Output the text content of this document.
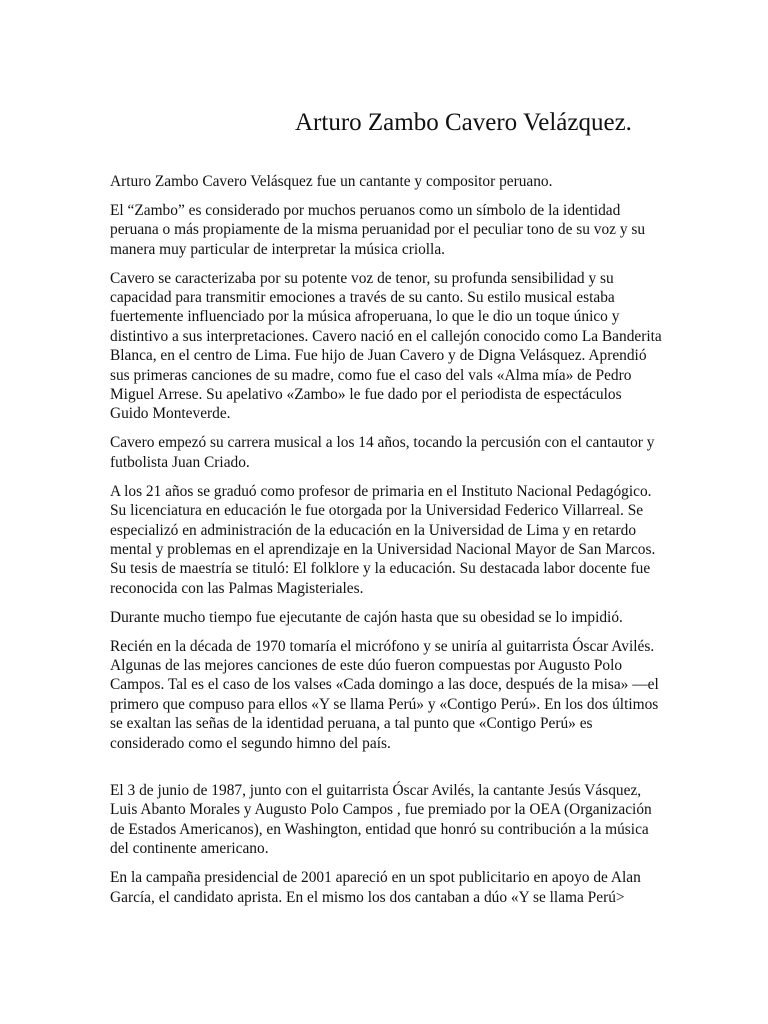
Arturo Zambo Cavero Velázquez.

Arturo Zambo Cavero Velásquez fue un cantante y compositor peruano.

El “Zambo” es considerado por muchos peruanos como un símbolo de la identidad peruana o más propiamente de la misma peruanidad por el peculiar tono de su voz y su manera muy particular de interpretar la música criolla.

Cavero se caracterizaba por su potente voz de tenor, su profunda sensibilidad y su capacidad para transmitir emociones a través de su canto. Su estilo musical estaba fuertemente influenciado por la música afroperuana, lo que le dio un toque único y distintivo a sus interpretaciones. Cavero nació en el callejón conocido como La Banderita Blanca, en el centro de Lima. Fue hijo de Juan Cavero y de Digna Velásquez. Aprendió sus primeras canciones de su madre, como fue el caso del vals «Alma mía» de Pedro Miguel Arrese. Su apelativo «Zambo» le fue dado por el periodista de espectáculos Guido Monteverde.

Cavero empezó su carrera musical a los 14 años, tocando la percusión con el cantautor y futbolista Juan Criado.

A los 21 años se graduó como profesor de primaria en el Instituto Nacional Pedagógico. Su licenciatura en educación le fue otorgada por la Universidad Federico Villarreal. Se especializó en administración de la educación en la Universidad de Lima y en retardo mental y problemas en el aprendizaje en la Universidad Nacional Mayor de San Marcos. Su tesis de maestría se tituló: El folklore y la educación. Su destacada labor docente fue reconocida con las Palmas Magisteriales.

Durante mucho tiempo fue ejecutante de cajón hasta que su obesidad se lo impidió.

Recién en la década de 1970 tomaría el micrófono y se uniría al guitarrista Óscar Avilés. Algunas de las mejores canciones de este dúo fueron compuestas por Augusto Polo Campos. Tal es el caso de los valses «Cada domingo a las doce, después de la misa» —el primero que compuso para ellos «Y se llama Perú» y «Contigo Perú». En los dos últimos se exaltan las señas de la identidad peruana, a tal punto que «Contigo Perú» es considerado como el segundo himno del país.

El 3 de junio de 1987, junto con el guitarrista Óscar Avilés, la cantante Jesús Vásquez, Luis Abanto Morales y Augusto Polo Campos , fue premiado por la OEA (Organización de Estados Americanos), en Washington, entidad que honró su contribución a la música del continente americano.

En la campaña presidencial de 2001 apareció en un spot publicitario en apoyo de Alan García, el candidato aprista. En el mismo los dos cantaban a dúo «Y se llama Perú>
